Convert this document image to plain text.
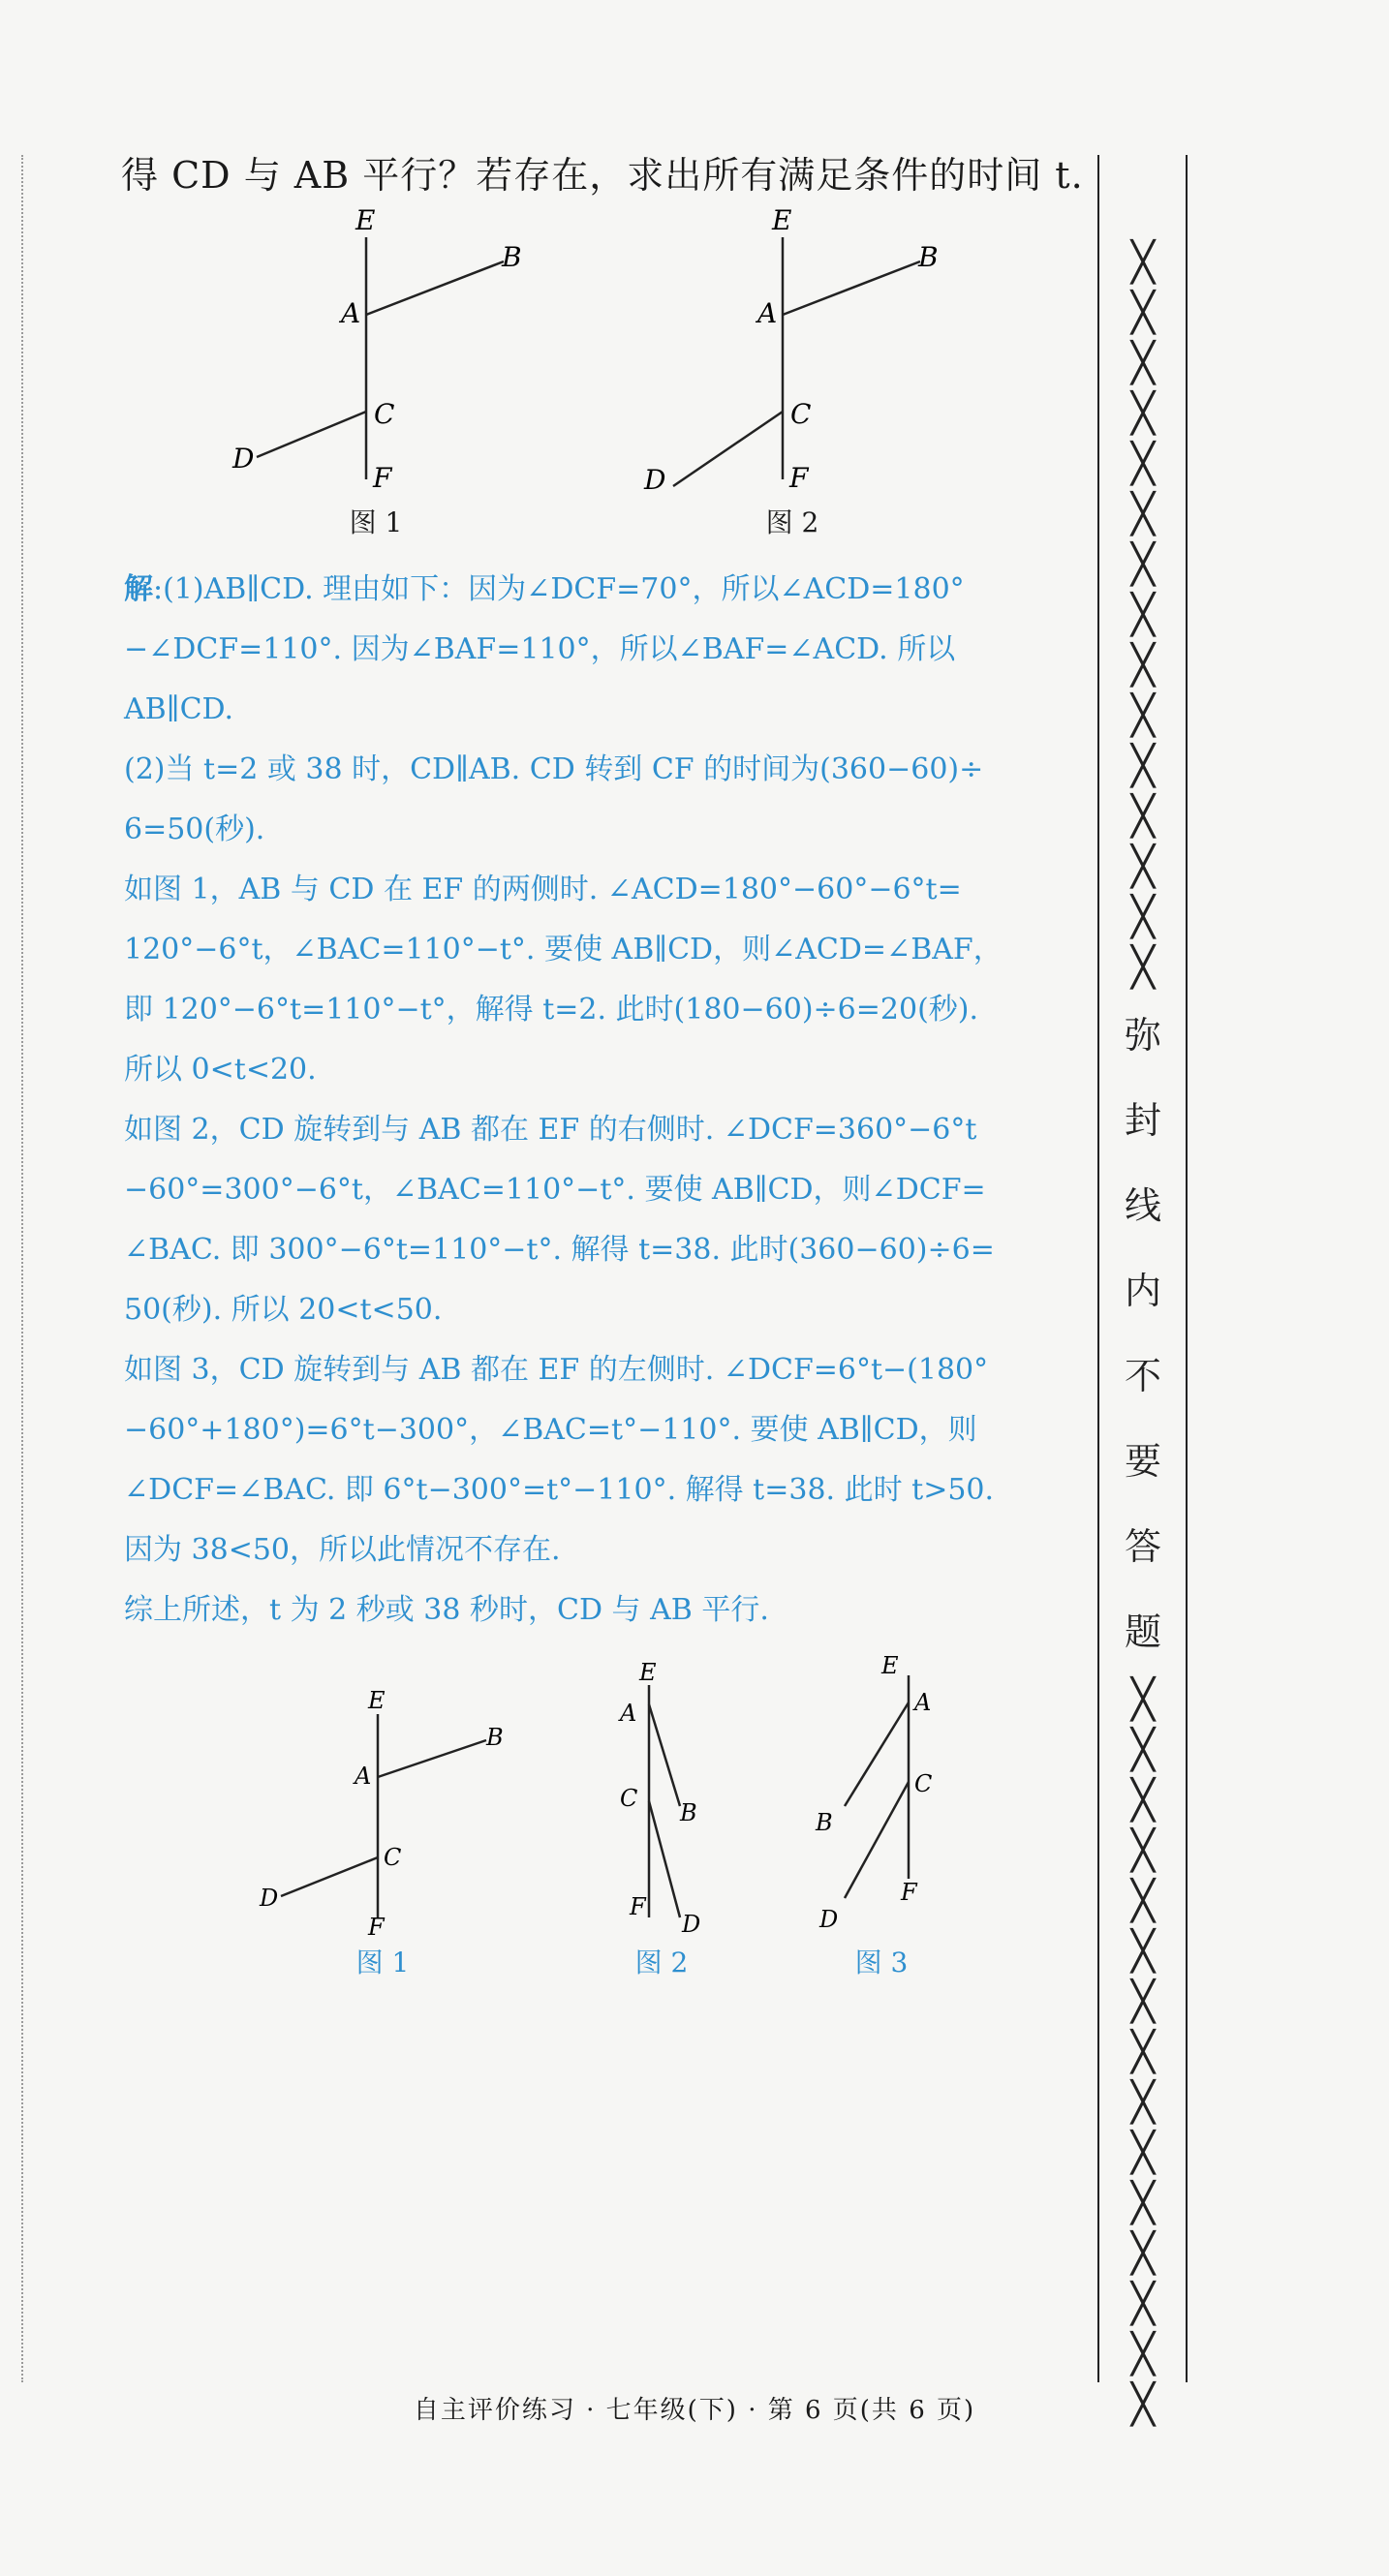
得 CD 与 AB 平行？若存在，求出所有满足条件的时间 t.
E
B
A
C
D
F
图 1
E
B
A
C
D	F
图 2

解:(1)AB∥CD. 理由如下：因为∠DCF=70°，所以∠ACD=180°

−∠DCF=110°. 因为∠BAF=110°，所以∠BAF=∠ACD. 所以

AB∥CD.

(2)当 t=2 或 38 时，CD∥AB. CD 转到 CF 的时间为(360−60)÷

6=50(秒).

如图 1，AB 与 CD 在 EF 的两侧时. ∠ACD=180°−60°−6°t=

120°−6°t，∠BAC=110°−t°. 要使 AB∥CD，则∠ACD=∠BAF，

即 120°−6°t=110°−t°，解得 t=2. 此时(180−60)÷6=20(秒).

所以 0<t<20.

如图 2，CD 旋转到与 AB 都在 EF 的右侧时. ∠DCF=360°−6°t

−60°=300°−6°t，∠BAC=110°−t°. 要使 AB∥CD，则∠DCF=

∠BAC. 即 300°−6°t=110°−t°. 解得 t=38. 此时(360−60)÷6=

50(秒). 所以 20<t<50.

如图 3，CD 旋转到与 AB 都在 EF 的左侧时. ∠DCF=6°t−(180°

−60°+180°)=6°t−300°，∠BAC=t°−110°. 要使 AB∥CD，则

∠DCF=∠BAC. 即 6°t−300°=t°−110°. 解得 t=38. 此时 t>50.

因为 38<50，所以此情况不存在.

综上所述，t 为 2 秒或 38 秒时，CD 与 AB 平行.

E
B
A
C
D
F
图 1
E
A
C
B
F
D
图 2
E
A
C
B
F
D
图 3
╳
╳
╳
╳
╳
╳
╳
╳
╳
╳
╳
╳
╳
╳
╳
弥
封
线
内
不
要
答
题
╳
╳
╳
╳
╳
╳
╳
╳
╳
╳
╳
╳
╳
╳
╳
自主评价练习 · 七年级(下) · 第 6 页(共 6 页)
